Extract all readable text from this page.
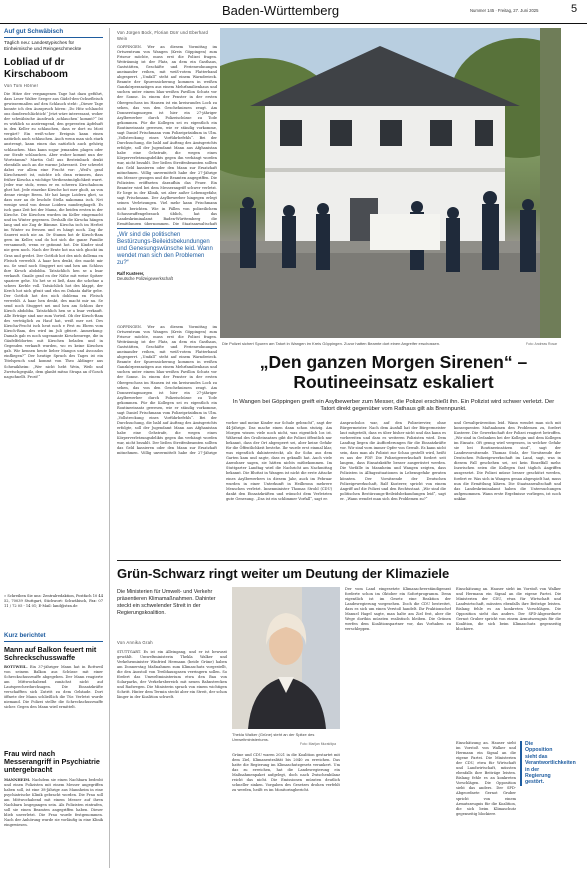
Baden-Württemberg	Nummer 145 · Freitag, 27. Juni 2025	5
Auf gut Schwäbisch
Täglich neu: Landestypisches für Einheimische und Reingeschmeckte
Lobliad uf dr Kirschaboom
Von Tom Hörner
Die Hitze der vergangenen Tage hat dazu geführt, dass Leser Walter Seeger aus Gädel-den-Ochsefleisch gewissermaßen auf den Schlauch steht: „Dieser Tage konnte ich den Ausspruch hören: ‚Do Hitz schlaucht ons donderschlächtich!‘ Jetzt wäre interessant, woher der schwäbische Ausdruck ‚schlauchen‘ kommt?“ Ist es wirklich so anstrengend, den gepressten Apfelsaft in den Keller zu schlauchen, dass er dort zu Most vergärt? Ein weiß-scher Ereignis kann einen natürlich auch schlauchen. Auch wenn man sich stark anstrengt, kann einen das natürlich auch gehörig schlauchen. Man kann sogar jemanden plagen oder zur Strafe schlauchen. Aber woher kommt nun der Wortstamm? Martin Goll aus Besteinbach denkt ebenfalls auch an die warme Jahreszeit. Der schwebt dabei vor allem eine Frucht vor: „Weil's grad Kirschenzeit ist, möchte ich dran erinnern, dass früher Kirscha a wichtige Verdienstmöglichkeit warrt. Jeder war stolz, wenn er en schwera Kirschaboom ghet hot. Jede einzelne Kirsche hot mer gholt, au von denne riesige Beem. Mr hat lange Loidera ghet, so dass mer au de leschde Stella nakomma isch. Net wenige send von denne Loidera nunderghagelt. Es isch ganz Zeit bei der Mama, die beiden ersten in der Kirsche. Die Kirschen wurden im Keller eingemacht und im Winter gegessen. Deshalb die Kirscha hängen lang und nie Zug dr Bämme. Kirscha isch im Herbst im Winter zu fressen und es hängt noch. Zug ihr Sauerei mich nie an. Dr Stamm hot dr Kirsch-Bam gern im Keller, und do hot sich die ganze Familie versammelt, wenn er gstimmt hot. Die Kinder sind nie gern noch. Nach der Ernte hot ma sich ghockt im Gras und gredet. Der Gottlob hot des nich dollema en Fleisch verwehlt. A haar hen denkt, des macht mir nu. Se send noch Stuggert nei und hen am Schloss ihre Kirsch abdobba. Tatsächlich hen se a bsar verkauft. Gnaile grad en der Nähe mit weise Spitzer spaziere gehe. No het se ei ließ, dass die schehne a schees Kerble voll. Tatsächlich hot des klappt, der Kerch hot nich gfrait und ehn en Dukata dafür gebe. Der Gottlob hot des nich dohlema en Fleisch verwehlt. A haar hen denkt, des macht mir nu. Se send noch Stuggert nei und hen am Schloss ihre Kirsch abdobba. Tatsächlich hen se a bsar verkauft. Alle Erträge sind nur zum Vorteil. Ob der Kirsch-Bam des verträglich zu Hauf hat, weiß mer net. Des Kirscha-Fescht isch heut noch e Fest zu Ehren vom Kirsch-Bam, des wird im Juli gfeiert. Anmerkung: Damals gab es noch sogenannte Kirschenwege, die in Gäufelfeldorten mit Kirschen beladen und in Gegenden verkauft wurden, wo es keine Kirschen gab. Wir kennen heute lieber Mangos und Avocados einfliegen?“ Der heutige Spruch des Tages ist ein Titelspruch und kommt von Theo Aldinger aus Schwaikheim: „Wer nicht hebt Wein, Weib und Zwetschgegsälz, dem glanbt mitno Strapa an d'Gosch nagschnellt. Prost!“
» Schreiben Sie uns: Zentralredaktion, Postfach 10 44 52, 70039 Stuttgart, Stichwort: Schwäbisch, Fax: 07 11 / 72 05 - 14 01; E-Mail: land@stzn.de
Kurz berichtet
Mann auf Balkon feuert mit Schreckschusswaffe
ROTTWEIL. Ein 37-jähriger Mann hat in Rottweil von seinem Balkon aus Schüsse mit einer Schreckschusswaffe abgegeben. Der Mann reagierte am Mittwochabend zunächst nicht auf Lautsprecherdurchsagen. Die Einsatzkräfte verschafften sich Zutritt zu dem Gebäude. Dort öffnete der Mann schließlich die Tür. Verletzt wurde niemand. Die Polizei stellte die Schreckschusswaffe sicher. Gegen den Mann wird ermittelt.
Frau wird nach Messerangriff in Psychiatrie untergebracht
MANNHEIM. Nachdem sie einen Nachbarn bedroht und einen Polizisten mit einem Messer angegriffen haben soll, ist eine 38-Jährige aus Mannheim in eine psychiatrische Klinik gebracht worden. Die Frau soll am Mittwochabend mit einem Messer auf ihren Nachbarn losgegangen sein. Als Polizisten eintrafen, soll sie einen Beamten angegriffen haben. Dieser blieb unverletzt. Die Frau wurde festgenommen. Nach der Anhörung wurde sie vorläufig in eine Klinik eingewiesen.
Von Jürgen Bock, Florian Dürr und Eberhard Wein
GÖPPINGEN. Wer an diesem Vormittag im Ortszentrum von Wangen (Kreis Göppingen) zum Friseur möchte, muss erst die Polizei fragen. Weiträumig ist der Platz, an dem ein Gasthaus, Gaststätten, Geschäfte und Ferienwohnungen aneinander reihen, mit weiß-rotem Flatterband abgesperrt. „Umfall“ steht auf einem Warndreieck. Beamte der Spurensicherung kommen in weißen Ganzkörperanzügen aus einem Mehrfamilienhaus und suchen unter einem blau-weißen Pavillon Schutz vor der Sonne. In einem der Fenster in der ersten Obergeschoss im Hausen ist ein kreisrundes Loch zu sehen, das von den Geschehnissen zeugt. Am Donnerstagmorgen ist hier ein 27-jähriger Asylbewerber durch Polizeischüsse zu Tode gekommen. Für die Kollegen sei es eigentlich ein Routineeinsatz gewesen, wie er ständig vorkomme, sagt Daniel Frischmann vom Polizeipräsidium in Ulm. „Vollstreckung eines Vorführbefehls“. Bei der Durchsuchung, die bald auf Auftrag des Amtsgerichts erfolgte, soll der Jugendamt Mann aus Afghanistan habe eine Gehstrafe, die wegen eines Körperverletzungsdelikts gegen ihn verhängt worden war, nicht bezahlt. Der ließen Streifenbeamten sollten das Geld kassieren oder den Mann zur Ersatzhaft mitnehmen. Völlig unvermittelt habe der 27-Jährige ein Messer gezogen und die Beamten angegriffen. Die Polizisten eröffneten daraufhin das Feuer. Ein Beamter wird bei dem Messerangriff schwer verletzt. Er liege in der Klinik, sei aber außer Lebensgefahr, sagt Frischmann. Der Asylbewerber hingegen erlegt seinen Verletzungen. Viel mehr kann Frischmann nicht berichten. Wie in Fällen von polizeilichem Schusswaffengebrauch üblich, hat das Landeskriminalamt Baden-Württemberg die Ermittlungen übernommen. Die Staatsanwaltschaft
Die Polizei sichert Spuren am Tatort in Wangen im Kreis Göppingen. Zuvor hatten Beamte dort einen Angreifer erschossen.	Foto: Andreas Rosar
„Wir sind die politischen Bestürzungs-Beileidsbekundungen und Genesungswünsche leid. Wann wendet man sich den Problemen zu?“
Ralf Kusterer,
Deutsche Polizeigewerkschaft
GÖPPINGEN. Wer an diesem Vormittag im Ortszentrum von Wangen (Kreis Göppingen) zum Friseur möchte, muss erst die Polizei fragen. Weiträumig ist der Platz, an dem ein Gasthaus, Gaststätten, Geschäfte und Ferienwohnungen aneinander reihen, mit weiß-rotem Flatterband abgesperrt. „Umfall“ steht auf einem Warndreieck. Beamte der Spurensicherung kommen in weißen Ganzkörperanzügen aus einem Mehrfamilienhaus und suchen unter einem blau-weißen Pavillon Schutz vor der Sonne. In einem der Fenster in der ersten Obergeschoss im Hausen ist ein kreisrundes Loch zu sehen, das von den Geschehnissen zeugt. Am Donnerstagmorgen ist hier ein 27-jähriger Asylbewerber durch Polizeischüsse zu Tode gekommen. Für die Kollegen sei es eigentlich ein Routineeinsatz gewesen, wie er ständig vorkomme, sagt Daniel Frischmann vom Polizeipräsidium in Ulm. „Vollstreckung eines Vorführbefehls“. Bei der Durchsuchung, die bald auf Auftrag des Amtsgerichts erfolgte, soll der Jugendamt Mann aus Afghanistan habe eine Gehstrafe, die wegen eines Körperverletzungsdelikts gegen ihn verhängt worden war, nicht bezahlt. Der ließen Streifenbeamten sollten das Geld kassieren oder den Mann zur Ersatzhaft mitnehmen. Völlig unvermittelt habe der 27-Jährige
„Den ganzen Morgen Sirenen“ – Routineeinsatz eskaliert
In Wangen bei Göppingen greift ein Asylbewerber zum Messer, die Polizei erschießt ihn. Ein Polizist wird schwer verletzt. Der Tatort direkt gegenüber vom Rathaus gilt als Brennpunkt.
vorher und meine Kinder zur Schule gebracht“, sagt der 44-Jährige. Das mache einen dann schon stutzig. Am Morgen wissen viele noch nicht, was eigentlich los ist. Während des Großeinsatzes gibt die Polizei öffentlich nur bekannt, dass der Ort abgesperrt sei, aber keine Gefahr für die Öffentlichkeit bestehe. Ihr wurde erst einmal klar, was eigentlich dahintersteckt, als ihr Sohn aus dem Garten kam und sagte, dass es geknallt hat. Auch viele Anwohner sagen, sie hätten nichts mitbekommen. Im Stuttgarter Landtag wird die Nachricht am Nachmittag bekannt. Die Bluttat in Wangen ist nicht die erste Attacke eines Asylbewerbers in diesem Jahr, auch im Februar wurden in einer Unterkunft in Heilbronn mehrere Menschen verletzt. Innenminister Thomas Strobl (CDU) dankt den Einsatzkräften und wünscht dem Verletzten gute Genesung. „Das ist ein schlimmer Vorfall“, sagt er.
Anspruchslos war, auf den Polizeirevier, ohne Bürgermeister. Nach dem Ausfall hat der Bürgermeister laut mitgeteilt, dass es über bisher nicht und das kann es vorbereiten und dass es weiteren Polizisten wird. Dem Landtag liegen die Aufforderungen für die Einsatzkräfte vor. Wir sind vorn immer Opfer von Gewalt. Es kann nicht sein, dass man als Polizist zur Schau gestellt wird, heißt es aus der FDP. Die Polizeigewerkschaft fordert seit langem, dass Einsatzkräfte besser ausgerüstet werden. Die Vorfälle in Mannheim und Wangen zeigten, dass Polizisten in Alltagssituationen in Lebensgefahr geraten könnten. Der Vorsitzende der Deutschen Polizeigewerkschaft, Ralf Kusterer, spricht von einem Angriff auf die Polizei und den Rechtsstaat. „Wir sind die politischen Bestürzungs-Beileidsbekundungen leid“, sagt er. „Wann wendet man sich den Problemen zu?“
und Gewaltprävention leid. Wann wendet man sich mit konsequenten Maßnahmen den Problemen zu, fordert Kusterer. Die Gewerkschaft der Polizei reagiert betroffen. „Wir sind in Gedanken bei der Kollegin und dem Kollegen im Einsatz. Oft genug wird vergessen, in welcher Gefahr sie bei Routineeinsätzen sind“, sagt der Landesvorsitzende. Thomas Stolz, der Vorsitzende der Deutschen Polizeigewerkschaft im Land, sagt, was in diesem Fall geschehen sei, sei kein Einzelfall mehr. Inzwischen seien die Kollegen fast täglich Angriffen ausgesetzt. Die Polizei müsse besser geschützt werden, fordert er. Was sich in Wangen genau abgespielt hat, muss nun die Ermittlung klären. Die Staatsanwaltschaft und das Landeskriminalamt haben die Untersuchungen aufgenommen. Wann erste Ergebnisse vorliegen, ist noch unklar.
Grün-Schwarz ringt weiter um Deutung der Klimaziele
Die Ministerien für Umwelt- und Verkehr präsentieren Klimamaßnahmen. Dahinter steckt ein schwelender Streit in der Regierungskoalition.
Von Annika Grah
STUTTGART. Es ist ein Alleingang, und er ist bewusst gewählt. Umweltministerin Thekla Walker und Verkehrsminister Winfried Hermann (beide Grüne) haben am Donnerstag Maßnahmen zum Klimaschutz vorgestellt, die den Ausstoß von Treibhausgasen verringern sollen. So fördert das Umweltministerium etwa den Bau von Solarparks, der Verkehrsbereich mit neuen Bahnstrecken und Radwegen. Die Ministerin sprach von einem wichtigen Schritt. Hinter dem Termin steckt aber ein Streit, der schon länger in der Koalition schwelt.
Thekla Walker (Grüne) steht an der Spitze des Umweltministeriums.
Foto: Marijan Murat/dpa
Grüne und CDU waren 2021 in die Koalition gestartet mit dem Ziel, Klimaneutralität bis 2040 zu erreichen. Das hatte die Regierung im Klimaschutzgesetz verankert. Um das zu erreichen, hat die Landesregierung ein Maßnahmenpaket aufgelegt, doch nach Zwischenbilanz reicht das nicht. Die Emissionen müssten deutlich schneller sinken. Vorgaben des Gesetzes drohen verfehlt zu werden, heißt es im Monitoringbericht.
Der vom Land eingesetzte Klimasachverständigenrat forderte schon im Oktober ein Sofortprogramm. Denn eigentlich ist im Gesetz eine Reaktion der Landesregierung vorgesehen. Doch die CDU bestreitet, dass es sich um einen Verstoß handelt. Ihr Fraktionschef Manuel Hagel sagte, man halte am Ziel fest, aber die Wege dorthin müssten realistisch bleiben. Die Grünen werfen dem Koalitionspartner vor, das Vorhaben zu verschleppen.
Einschätzung an. Hauser sieht im Vorstoß von Walker und Hermann ein Signal an die eigene Partei. Die Ministerien der CDU, etwa für Wirtschaft und Landwirtschaft, müssten ebenfalls ihre Beiträge leisten. Bislang fehle es an konkreten Vorschlägen. Die Opposition sieht das anders. Der SPD-Abgeordnete Gernot Gruber spricht von einem Armutszeugnis für die Koalition, die sich beim Klimaschutz gegenseitig blockiere.
Die Opposition sieht das Verantwortlichkeiten in der Regierung gestört.
Einschätzung an. Hauser sieht im Vorstoß von Walker und Hermann ein Signal an die eigene Partei. Die Ministerien der CDU, etwa für Wirtschaft und Landwirtschaft, müssten ebenfalls ihre Beiträge leisten. Bislang fehle es an konkreten Vorschlägen. Die Opposition sieht das anders. Der SPD-Abgeordnete Gernot Gruber spricht von einem Armutszeugnis für die Koalition, die sich beim Klimaschutz gegenseitig blockiere.
